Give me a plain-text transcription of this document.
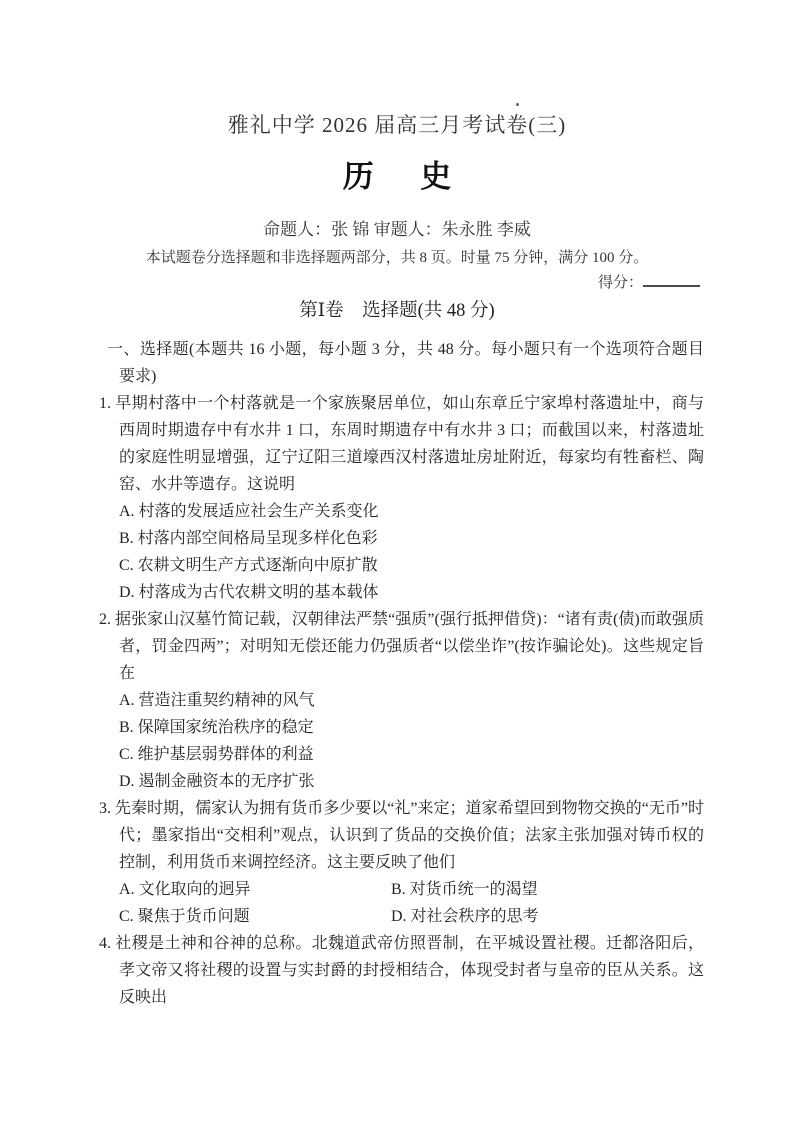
雅礼中学 2026 届高三月考试卷(三)
历史
命题人：张 锦 审题人：朱永胜 李威
本试题卷分选择题和非选择题两部分，共 8 页。时量 75 分钟，满分 100 分。
得分：
第Ⅰ卷　选择题(共 48 分)

一、选择题(本题共 16 小题，每小题 3 分，共 48 分。每小题只有一个选项符合题目要求)

1. 早期村落中一个村落就是一个家族聚居单位，如山东章丘宁家埠村落遗址中，商与西周时期遗存中有水井 1 口，东周时期遗存中有水井 3 口；而截国以来，村落遗址的家庭性明显增强，辽宁辽阳三道壕西汉村落遗址房址附近，每家均有牲畜栏、陶窑、水井等遗存。这说明

A. 村落的发展适应社会生产关系变化

B. 村落内部空间格局呈现多样化色彩

C. 农耕文明生产方式逐渐向中原扩散

D. 村落成为古代农耕文明的基本载体

2. 据张家山汉墓竹简记载，汉朝律法严禁“强质”(强行抵押借贷)：“诸有责(债)而敢强质者，罚金四两”；对明知无偿还能力仍强质者“以偿坐诈”(按诈骗论处)。这些规定旨在

A. 营造注重契约精神的风气

B. 保障国家统治秩序的稳定

C. 维护基层弱势群体的利益

D. 遏制金融资本的无序扩张

3. 先秦时期，儒家认为拥有货币多少要以“礼”来定；道家希望回到物物交换的“无币”时代；墨家指出“交相利”观点，认识到了货品的交换价值；法家主张加强对铸币权的控制，利用货币来调控经济。这主要反映了他们

A. 文化取向的迥异	B. 对货币统一的渴望

C. 聚焦于货币问题	D. 对社会秩序的思考

4. 社稷是土神和谷神的总称。北魏道武帝仿照晋制，在平城设置社稷。迁都洛阳后，孝文帝又将社稷的设置与实封爵的封授相结合，体现受封者与皇帝的臣从关系。这反映出
